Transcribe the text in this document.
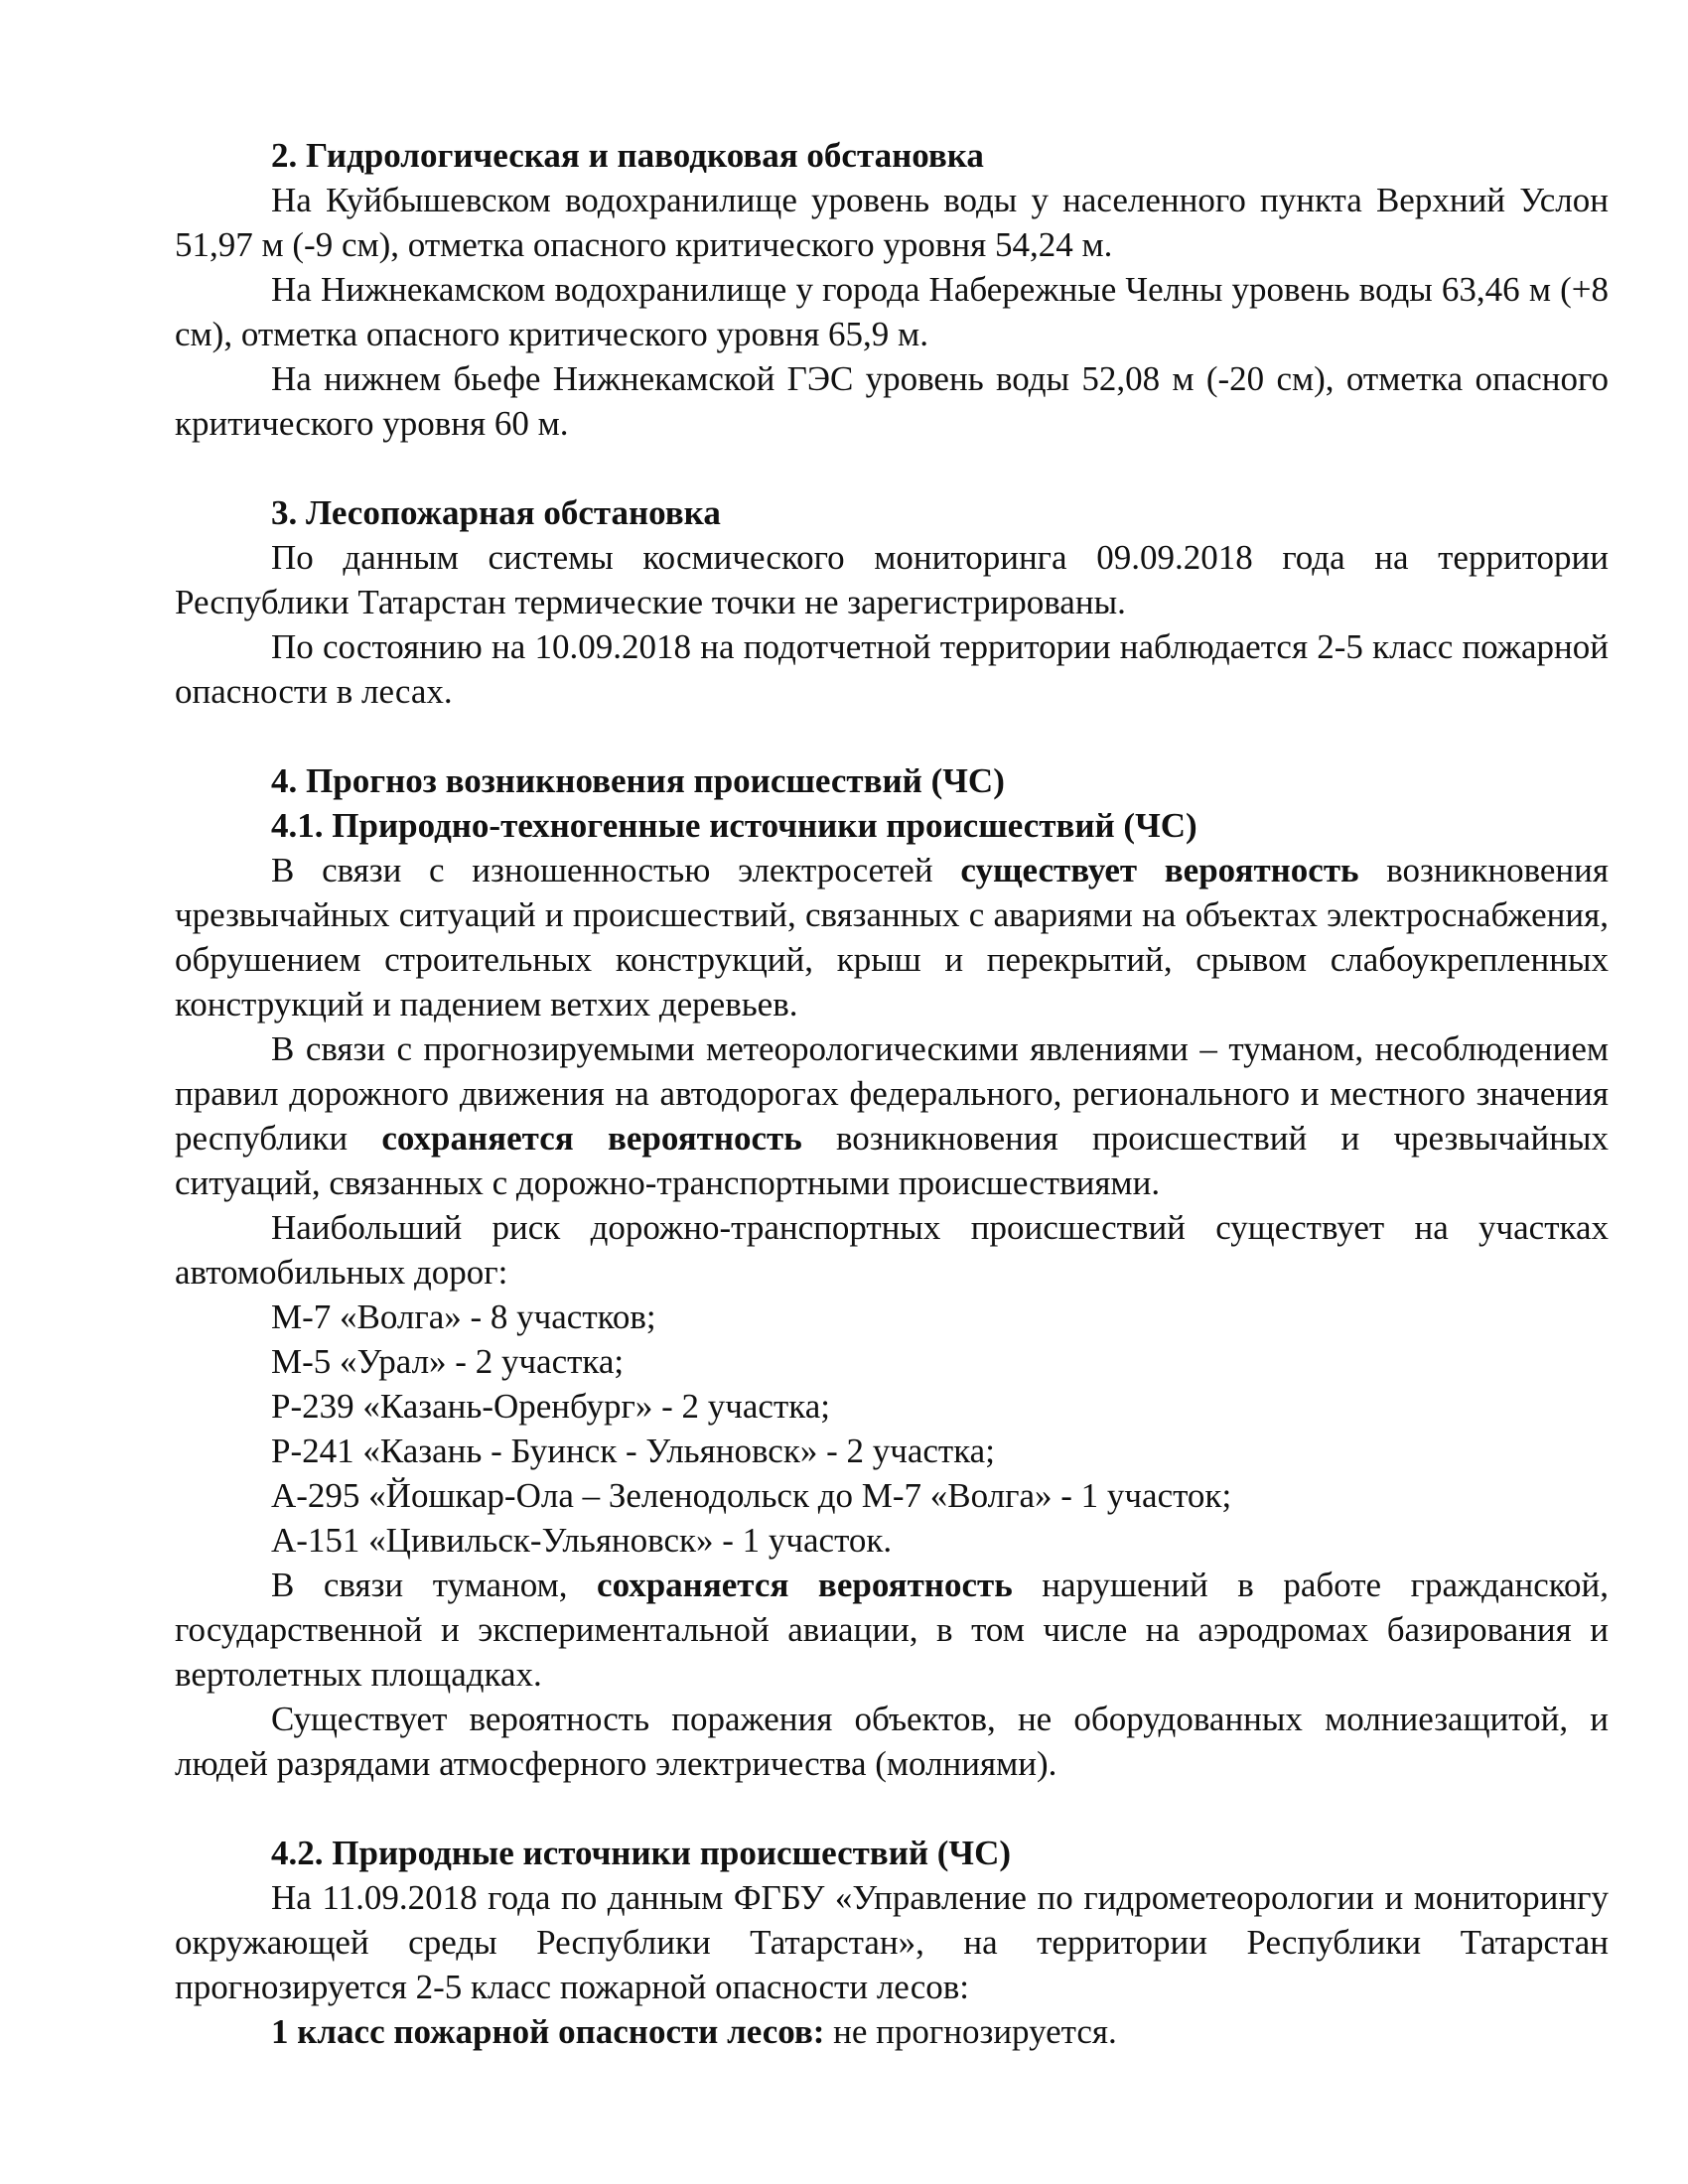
2. Гидрологическая и паводковая обстановка

На Куйбышевском водохранилище уровень воды у населенного пункта Верхний Услон 51,97 м (-9 см), отметка опасного критического уровня 54,24 м.

На Нижнекамском водохранилище у города Набережные Челны уровень воды 63,46 м (+8 см), отметка опасного критического уровня 65,9 м.

На нижнем бьефе Нижнекамской ГЭС уровень воды 52,08 м (-20 см), отметка опасного критического уровня 60 м.

3. Лесопожарная обстановка

По данным системы космического мониторинга 09.09.2018 года на территории Республики Татарстан термические точки не зарегистрированы.

По состоянию на 10.09.2018 на подотчетной территории наблюдается 2-5 класс пожарной опасности в лесах.

4. Прогноз возникновения происшествий (ЧС)

4.1. Природно-техногенные источники происшествий (ЧС)

В связи с изношенностью электросетей существует вероятность возникновения чрезвычайных ситуаций и происшествий, связанных с авариями на объектах электроснабжения, обрушением строительных конструкций, крыш и перекрытий, срывом слабоукрепленных конструкций и падением ветхих деревьев.

В связи с прогнозируемыми метеорологическими явлениями – туманом, несоблюдением правил дорожного движения на автодорогах федерального, регионального и местного значения республики сохраняется вероятность возникновения происшествий и чрезвычайных ситуаций, связанных с дорожно-транспортными происшествиями.

Наибольший риск дорожно-транспортных происшествий существует на участках автомобильных дорог:

М-7 «Волга» - 8 участков;

М-5 «Урал» - 2 участка;

Р-239 «Казань-Оренбург» - 2 участка;

Р-241 «Казань - Буинск - Ульяновск» - 2 участка;

А-295 «Йошкар-Ола – Зеленодольск до М-7 «Волга» - 1 участок;

А-151 «Цивильск-Ульяновск» - 1 участок.

В связи туманом, сохраняется вероятность нарушений в работе гражданской, государственной и экспериментальной авиации, в том числе на аэродромах базирования и вертолетных площадках.

Существует вероятность поражения объектов, не оборудованных молниезащитой, и людей разрядами атмосферного электричества (молниями).

4.2. Природные источники происшествий (ЧС)

На 11.09.2018 года по данным ФГБУ «Управление по гидрометеорологии и мониторингу окружающей среды Республики Татарстан», на территории Республики Татарстан прогнозируется 2-5 класс пожарной опасности лесов:

1 класс пожарной опасности лесов: не прогнозируется.
